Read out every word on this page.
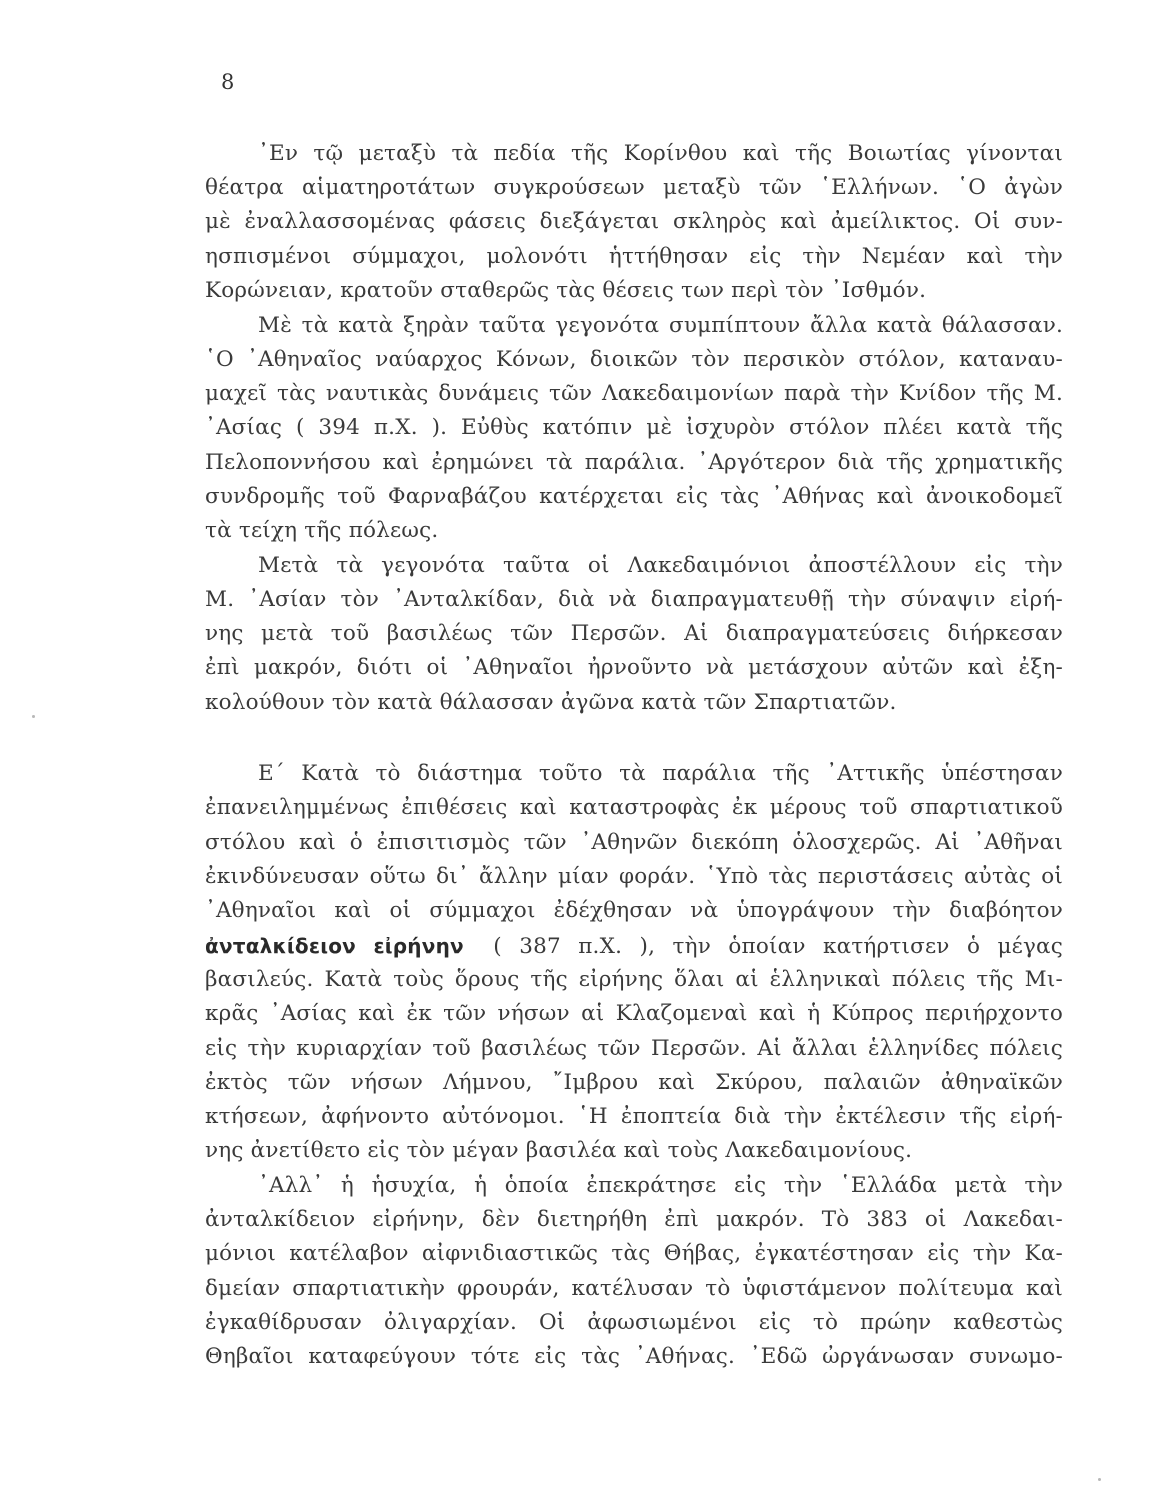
8
᾿Εν τῷ μεταξὺ τὰ πεδία τῆς Κορίνθου καὶ τῆς Βοιωτίας γίνονται
θέατρα αἱματηροτάτων συγκρούσεων μεταξὺ τῶν ῾Ελλήνων. ῾Ο ἀγὼν
μὲ ἐναλλασσομένας φάσεις διεξάγεται σκληρὸς καὶ ἀμείλικτος. Οἱ συν-
ησπισμένοι σύμμαχοι, μολονότι ἡττήθησαν εἰς τὴν Νεμέαν καὶ τὴν
Κορώνειαν, κρατοῦν σταθερῶς τὰς θέσεις των περὶ τὸν ᾿Ισθμόν.
Μὲ τὰ κατὰ ξηρὰν ταῦτα γεγονότα συμπίπτουν ἄλλα κατὰ θάλασσαν.
῾Ο ᾿Αθηναῖος ναύαρχος Κόνων, διοικῶν τὸν περσικὸν στόλον, καταναυ-
μαχεῖ τὰς ναυτικὰς δυνάμεις τῶν Λακεδαιμονίων παρὰ τὴν Κνίδον τῆς Μ.
᾿Ασίας ( 394 π.Χ. ). Εὐθὺς κατόπιν μὲ ἰσχυρὸν στόλον πλέει κατὰ τῆς
Πελοποννήσου καὶ ἐρημώνει τὰ παράλια. ᾿Αργότερον διὰ τῆς χρηματικῆς
συνδρομῆς τοῦ Φαρναβάζου κατέρχεται εἰς τὰς ᾿Αθήνας καὶ ἀνοικοδομεῖ
τὰ τείχη τῆς πόλεως.
Μετὰ τὰ γεγονότα ταῦτα οἱ Λακεδαιμόνιοι ἀποστέλλουν εἰς τὴν
Μ. ᾿Ασίαν τὸν ᾿Ανταλκίδαν, διὰ νὰ διαπραγματευθῇ τὴν σύναψιν εἰρή-
νης μετὰ τοῦ βασιλέως τῶν Περσῶν. Αἱ διαπραγματεύσεις διήρκεσαν
ἐπὶ μακρόν, διότι οἱ ᾿Αθηναῖοι ἠρνοῦντο νὰ μετάσχουν αὐτῶν καὶ ἐξη-
κολούθουν τὸν κατὰ θάλασσαν ἀγῶνα κατὰ τῶν Σπαρτιατῶν.
Ε΄ Κατὰ τὸ διάστημα τοῦτο τὰ παράλια τῆς ᾿Αττικῆς ὑπέστησαν
ἐπανειλημμένως ἐπιθέσεις καὶ καταστροφὰς ἐκ μέρους τοῦ σπαρτιατικοῦ
στόλου καὶ ὁ ἐπισιτισμὸς τῶν ᾿Αθηνῶν διεκόπη ὁλοσχερῶς. Αἱ ᾿Αθῆναι
ἐκινδύνευσαν οὕτω δι᾿ ἄλλην μίαν φοράν. ῾Υπὸ τὰς περιστάσεις αὐτὰς οἱ
᾿Αθηναῖοι καὶ οἱ σύμμαχοι ἐδέχθησαν νὰ ὑπογράψουν τὴν διαβόητον
ἀνταλκίδειον εἰρήνην ( 387 π.Χ. ), τὴν ὁποίαν κατήρτισεν ὁ μέγας
βασιλεύς. Κατὰ τοὺς ὅρους τῆς εἰρήνης ὅλαι αἱ ἑλληνικαὶ πόλεις τῆς Μι-
κρᾶς ᾿Ασίας καὶ ἐκ τῶν νήσων αἱ Κλαζομεναὶ καὶ ἡ Κύπρος περιήρχοντο
εἰς τὴν κυριαρχίαν τοῦ βασιλέως τῶν Περσῶν. Αἱ ἄλλαι ἑλληνίδες πόλεις
ἐκτὸς τῶν νήσων Λήμνου, ῎Ιμβρου καὶ Σκύρου, παλαιῶν ἀθηναϊκῶν
κτήσεων, ἀφήνοντο αὐτόνομοι. ῾Η ἐποπτεία διὰ τὴν ἐκτέλεσιν τῆς εἰρή-
νης ἀνετίθετο εἰς τὸν μέγαν βασιλέα καὶ τοὺς Λακεδαιμονίους.
᾿Αλλ᾿ ἡ ἡσυχία, ἡ ὁποία ἐπεκράτησε εἰς τὴν ῾Ελλάδα μετὰ τὴν
ἀνταλκίδειον εἰρήνην, δὲν διετηρήθη ἐπὶ μακρόν. Τὸ 383 οἱ Λακεδαι-
μόνιοι κατέλαβον αἰφνιδιαστικῶς τὰς Θήβας, ἐγκατέστησαν εἰς τὴν Κα-
δμείαν σπαρτιατικὴν φρουράν, κατέλυσαν τὸ ὑφιστάμενον πολίτευμα καὶ
ἐγκαθίδρυσαν ὀλιγαρχίαν. Οἱ ἀφωσιωμένοι εἰς τὸ πρώην καθεστὼς
Θηβαῖοι καταφεύγουν τότε εἰς τὰς ᾿Αθήνας. ᾿Εδῶ ὠργάνωσαν συνωμο-
